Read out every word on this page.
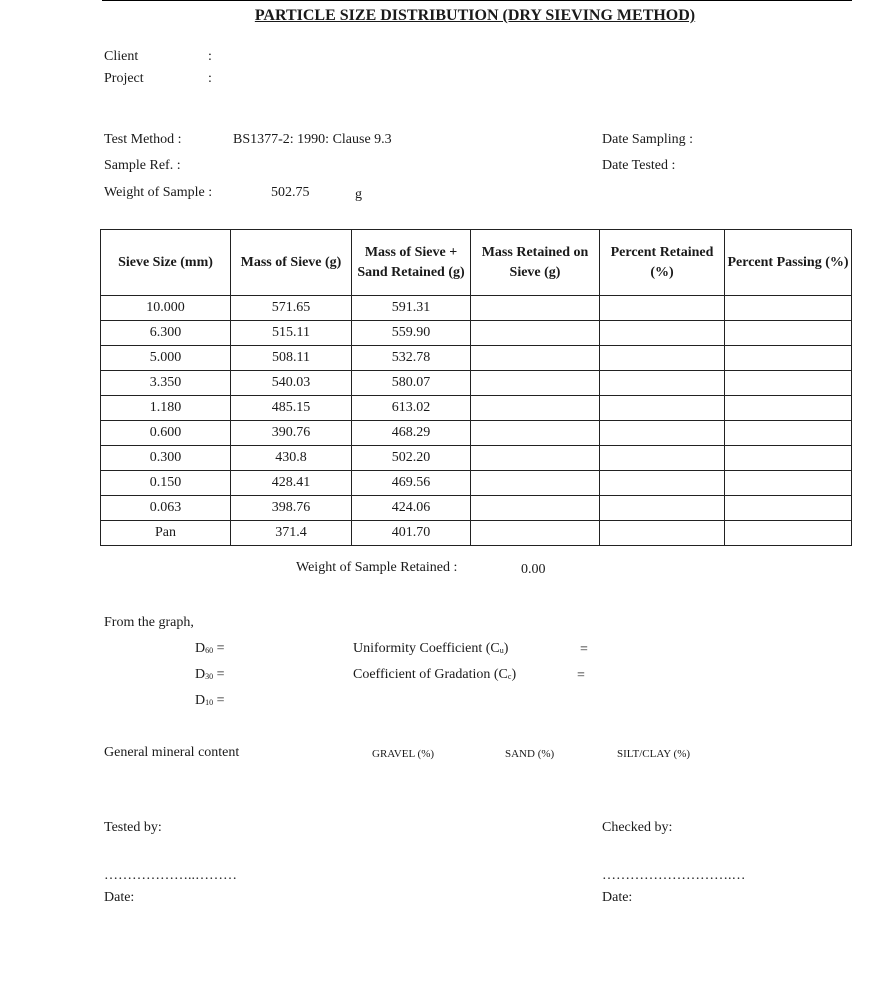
PARTICLE SIZE DISTRIBUTION (DRY SIEVING METHOD)
Client	:
Project	:
Test Method :	BS1377-2: 1990: Clause 9.3
Sample Ref. :
Weight of Sample :	502.75	g
Date Sampling :
Date Tested :
Sieve Size (mm)	Mass of Sieve (g)	Mass of Sieve + Sand Retained (g)	Mass Retained on Sieve (g)	Percent Retained (%)	Percent Passing (%)
10.000	571.65	591.31			
6.300	515.11	559.90			
5.000	508.11	532.78			
3.350	540.03	580.07			
1.180	485.15	613.02			
0.600	390.76	468.29			
0.300	430.8	502.20			
0.150	428.41	469.56			
0.063	398.76	424.06			
Pan	371.4	401.70			
Weight of Sample Retained :	0.00
From the graph,
D60 =
D30 =
D10 =
Uniformity Coefficient (Cu)	=
Coefficient of Gradation (Cc)	=
General mineral content	GRAVEL (%)	SAND (%)	SILT/CLAY (%)
Tested by:	Checked by:
………………..………	……………………….…
Date:	Date:
